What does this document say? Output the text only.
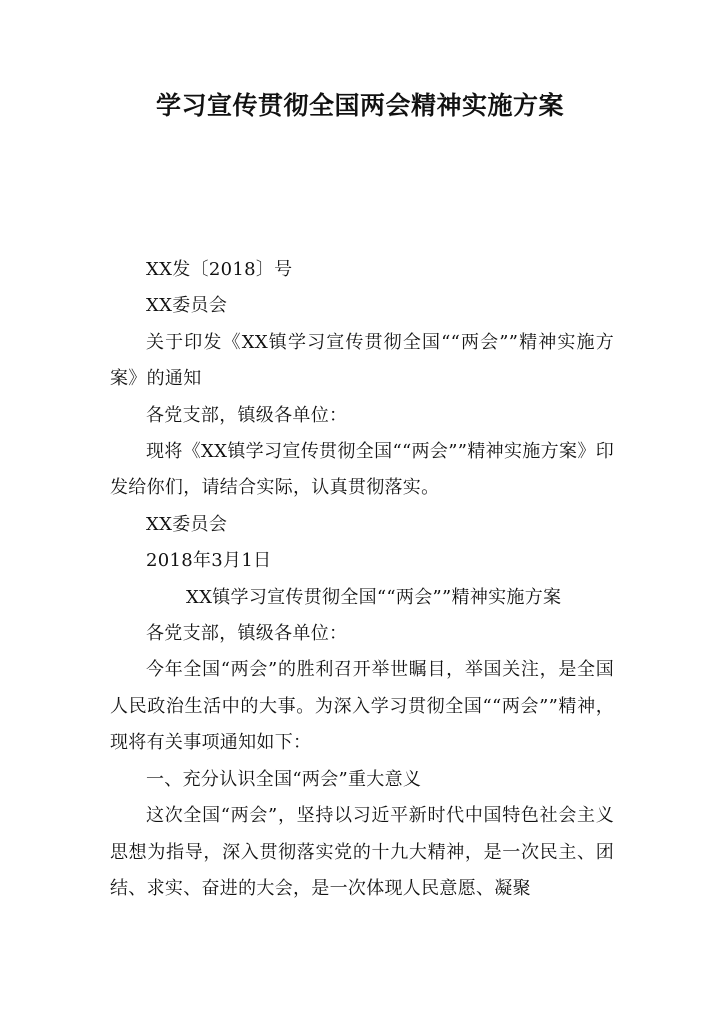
学习宣传贯彻全国两会精神实施方案

XX发〔2018〕号

XX委员会

关于印发《XX镇学习宣传贯彻全国““两会””精神实施方案》的通知

各党支部，镇级各单位：

现将《XX镇学习宣传贯彻全国““两会””精神实施方案》印发给你们，请结合实际，认真贯彻落实。

XX委员会

2018年3月1日

XX镇学习宣传贯彻全国““两会””精神实施方案

各党支部，镇级各单位：

今年全国“两会”的胜利召开举世瞩目，举国关注，是全国人民政治生活中的大事。为深入学习贯彻全国““两会””精神，现将有关事项通知如下：

一、充分认识全国“两会”重大意义

这次全国“两会”，坚持以习近平新时代中国特色社会主义思想为指导，深入贯彻落实党的十九大精神，是一次民主、团结、求实、奋进的大会，是一次体现人民意愿、凝聚
